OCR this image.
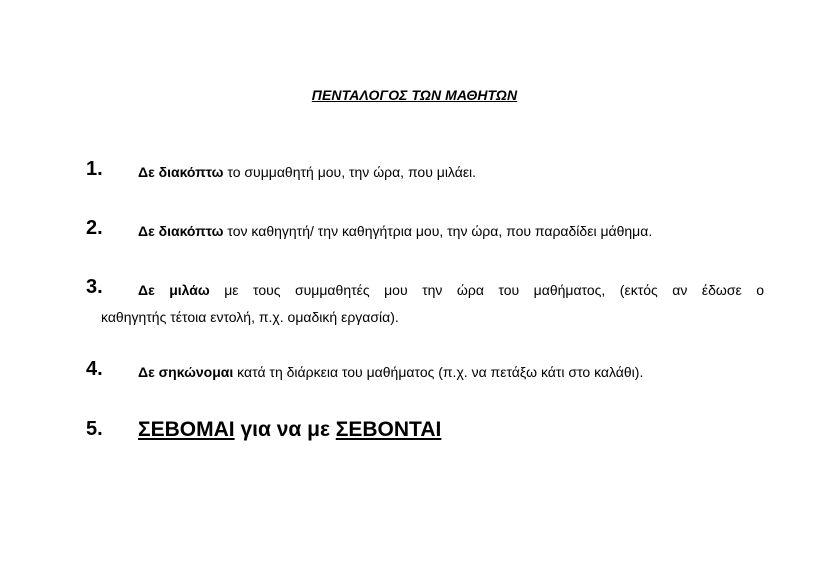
ΠΕΝΤΑΛΟΓΟΣ ΤΩΝ ΜΑΘΗΤΩΝ
1.	Δε διακόπτω το συμμαθητή μου, την ώρα, που μιλάει.
2.	Δε διακόπτω τον καθηγητή/ την καθηγήτρια μου, την ώρα, που παραδίδει μάθημα.
3.	Δε μιλάω με τους συμμαθητές μου την ώρα του μαθήματος, (εκτός αν έδωσε ο
καθηγητής τέτοια εντολή, π.χ. ομαδική εργασία).
4.	Δε σηκώνομαι κατά τη διάρκεια του μαθήματος (π.χ. να πετάξω κάτι στο καλάθι).
5. ΣΕΒΟΜΑΙ για να με ΣΕΒΟΝΤΑΙ
